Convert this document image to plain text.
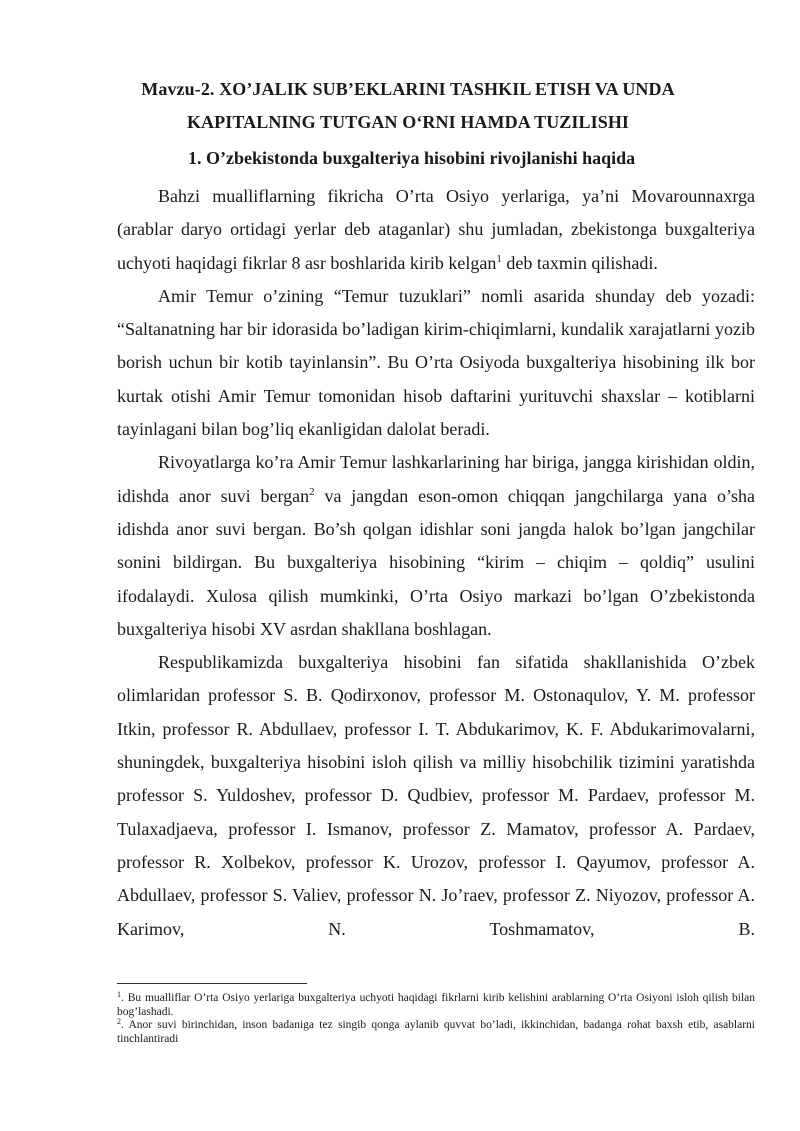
Mavzu-2. XO’JALIK SUB’EKLARINI TASHKIL ETISH VA UNDA
KAPITALNING TUTGAN O‘RNI HAMDA TUZILISHI
1. O’zbekistonda buxgalteriya hisobini rivojlanishi haqida

Bahzi mualliflarning fikricha O’rta Osiyo yerlariga, ya’ni Movarounnaxrga (arablar daryo ortidagi yerlar deb ataganlar) shu jumladan, zbekistonga buxgalteriya uchyoti haqidagi fikrlar 8 asr boshlarida kirib kelgan$^1$ deb taxmin qilishadi.

Amir Temur o’zining “Temur tuzuklari” nomli asarida shunday deb yozadi: “Saltanatning har bir idorasida bo’ladigan kirim-chiqimlarni, kundalik xarajatlarni yozib borish uchun bir kotib tayinlansin”. Bu O’rta Osiyoda buxgalteriya hisobining ilk bor kurtak otishi Amir Temur tomonidan hisob daftarini yurituvchi shaxslar – kotiblarni tayinlagani bilan bog’liq ekanligidan dalolat beradi.

Rivoyatlarga ko’ra Amir Temur lashkarlarining har biriga, jangga kirishidan oldin, idishda anor suvi bergan$^2$ va jangdan eson-omon chiqqan jangchilarga yana o’sha idishda anor suvi bergan. Bo’sh qolgan idishlar soni jangda halok bo’lgan jangchilar sonini bildirgan. Bu buxgalteriya hisobining “kirim – chiqim – qoldiq” usulini ifodalaydi. Xulosa qilish mumkinki, O’rta Osiyo markazi bo’lgan O’zbekistonda buxgalteriya hisobi XV asrdan shakllana boshlagan.

Respublikamizda buxgalteriya hisobini fan sifatida shakllanishida O’zbek olimlaridan professor S. B. Qodirxonov, professor M. Ostonaqulov, Y. M. professor Itkin, professor R. Abdullaev, professor I. T. Abdukarimov, K. F. Abdukarimovalarni, shuningdek, buxgalteriya hisobini isloh qilish va milliy hisobchilik tizimini yaratishda professor S. Yuldoshev, professor D. Qudbiev, professor M. Pardaev, professor M. Tulaxadjaeva, professor I. Ismanov, professor Z. Mamatov, professor A. Pardaev, professor R. Xolbekov, professor K. Urozov, professor I. Qayumov, professor A. Abdullaev, professor S. Valiev, professor N. Jo’raev, professor Z. Niyozov, professor A. Karimov, N. Toshmamatov, B.

$^1$. Bu mualliflar O’rta Osiyo yerlariga buxgalteriya uchyoti haqidagi fikrlarni kirib kelishini arablarning O’rta Osiyoni isloh qilish bilan bog’lashadi.

$^2$. Anor suvi birinchidan, inson badaniga tez singib qonga aylanib quvvat bo’ladi, ikkinchidan, badanga rohat baxsh etib, asablarni tinchlantiradi
